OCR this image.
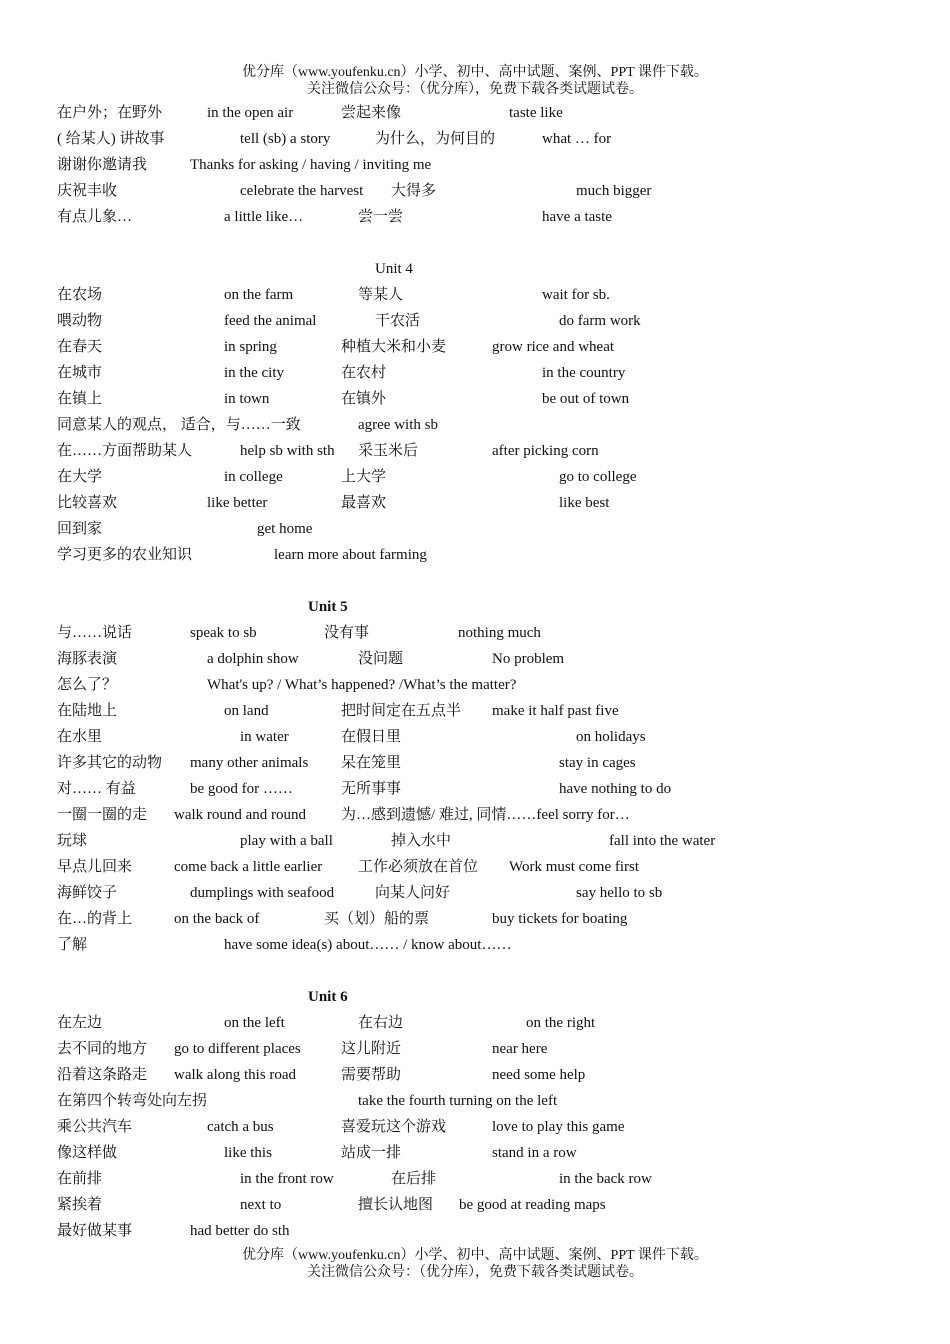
优分库（www.youfenku.cn）小学、初中、高中试题、案例、PPT 课件下载。
关注微信公众号：（优分库），免费下载各类试题试卷。
在户外；在野外	in the open air	尝起来像	taste like
( 给某人) 讲故事	tell (sb) a story	为什么，为何目的	what … for
谢谢你邀请我	Thanks for asking / having / inviting me
庆祝丰收	celebrate the harvest 大得多	much bigger
有点儿象…	a little like…	尝一尝	have a taste
Unit 4
在农场	on the farm	等某人	wait for sb.
喂动物	feed the animal	干农活	do farm work
在春天	in spring	种植大米和小麦	grow rice and wheat
在城市	in the city	在农村	in the country
在镇上	in town	在镇外	be out of town
同意某人的观点， 适合，与……一致	agree with sb
在……方面帮助某人	help sb with sth 采玉米后	after picking corn
在大学	in college	上大学	go to college
比较喜欢	like better	最喜欢	like best
回到家	get home
学习更多的农业知识	learn more about farming
Unit 5
与……说话	speak to sb	没有事	nothing much
海豚表演	a dolphin show	没问题	No problem
怎么了？	What's up? / What’s happened? /What’s the matter?
在陆地上	on land	把时间定在五点半 make it half past five
在水里	in water	在假日里	on holidays
许多其它的动物 many other animals 呆在笼里	stay in cages
对…… 有益	be good for ……	无所事事	have nothing to do
一圈一圈的走 walk round and round 为…感到遗憾/ 难过, 同情……feel sorry for…
玩球	play with a ball	掉入水中	fall into the water
早点儿回来	come back a little earlier 工作必须放在首位 Work must come first
海鲜饺子	dumplings with seafood	向某人问好	say hello to sb
在…的背上	on the back of	买（划）船的票	buy tickets for boating
了解	have some idea(s) about…… / know about……
Unit 6
在左边	on the left	在右边	on the right
去不同的地方 go to different places	这儿附近	near here
沿着这条路走 walk along this road	需要帮助	need some help
在第四个转弯处向左拐	take the fourth turning on the left
乘公共汽车	catch a bus	喜爱玩这个游戏	love to play this game
像这样做	like this	站成一排	stand in a row
在前排	in the front row	在后排	in the back row
紧挨着	next to	擅长认地图 be good at reading maps
最好做某事	had better do sth
优分库（www.youfenku.cn）小学、初中、高中试题、案例、PPT 课件下载。
关注微信公众号：（优分库），免费下载各类试题试卷。
